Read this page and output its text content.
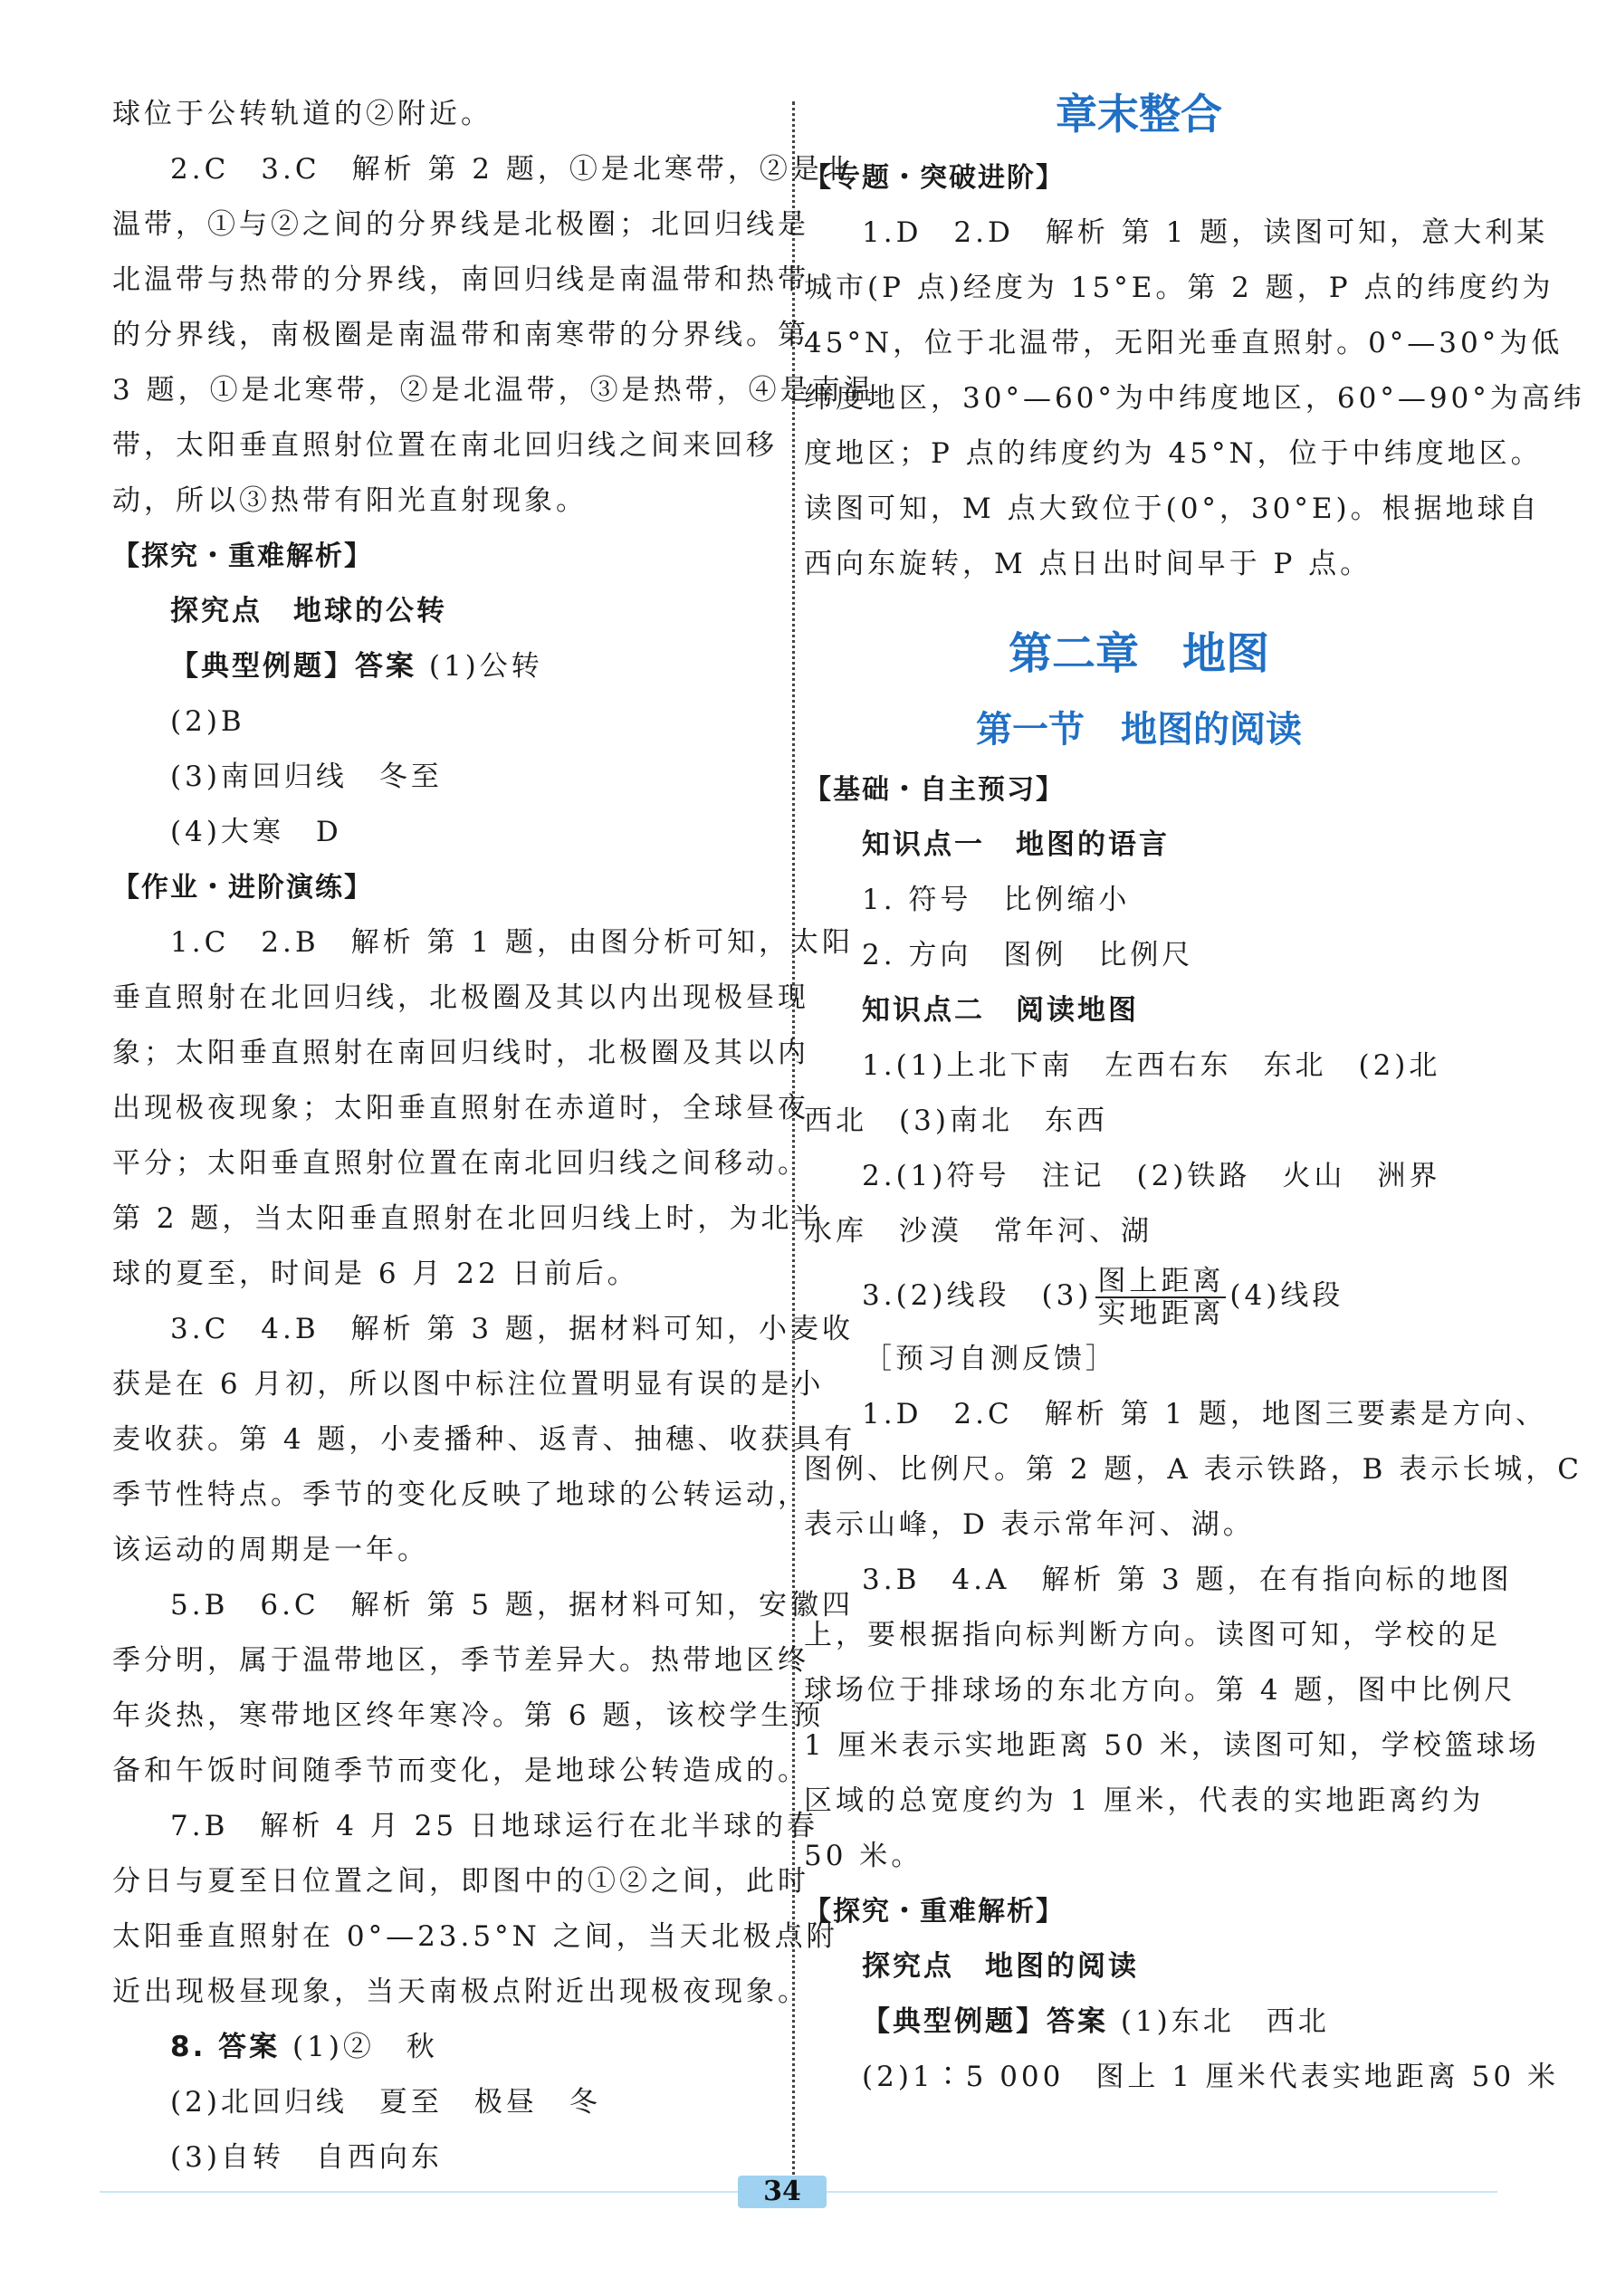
球位于公转轨道的②附近。
2.C　3.C　解析 第 2 题，①是北寒带，②是北
温带，①与②之间的分界线是北极圈；北回归线是
北温带与热带的分界线，南回归线是南温带和热带
的分界线，南极圈是南温带和南寒带的分界线。第
3 题，①是北寒带，②是北温带，③是热带，④是南温
带，太阳垂直照射位置在南北回归线之间来回移
动，所以③热带有阳光直射现象。
【探究・重难解析】
探究点　地球的公转
【典型例题】答案 (1)公转
(2)B
(3)南回归线　冬至
(4)大寒　D
【作业・进阶演练】
1.C　2.B　解析 第 1 题，由图分析可知，太阳
垂直照射在北回归线，北极圈及其以内出现极昼现
象；太阳垂直照射在南回归线时，北极圈及其以内
出现极夜现象；太阳垂直照射在赤道时，全球昼夜
平分；太阳垂直照射位置在南北回归线之间移动。
第 2 题，当太阳垂直照射在北回归线上时，为北半
球的夏至，时间是 6 月 22 日前后。
3.C　4.B　解析 第 3 题，据材料可知，小麦收
获是在 6 月初，所以图中标注位置明显有误的是小
麦收获。第 4 题，小麦播种、返青、抽穗、收获具有
季节性特点。季节的变化反映了地球的公转运动，
该运动的周期是一年。
5.B　6.C　解析 第 5 题，据材料可知，安徽四
季分明，属于温带地区，季节差异大。热带地区终
年炎热，寒带地区终年寒冷。第 6 题，该校学生预
备和午饭时间随季节而变化，是地球公转造成的。
7.B　解析 4 月 25 日地球运行在北半球的春
分日与夏至日位置之间，即图中的①②之间，此时
太阳垂直照射在 0°—23.5°N 之间，当天北极点附
近出现极昼现象，当天南极点附近出现极夜现象。
8. 答案 (1)②　秋
(2)北回归线　夏至　极昼　冬
(3)自转　自西向东
章末整合
【专题・突破进阶】
1.D　2.D　解析 第 1 题，读图可知，意大利某
城市(P 点)经度为 15°E。第 2 题，P 点的纬度约为
45°N，位于北温带，无阳光垂直照射。0°—30°为低
纬度地区，30°—60°为中纬度地区，60°—90°为高纬
度地区；P 点的纬度约为 45°N，位于中纬度地区。
读图可知，M 点大致位于(0°，30°E)。根据地球自
西向东旋转，M 点日出时间早于 P 点。
第二章　地图
第一节　地图的阅读
【基础・自主预习】
知识点一　地图的语言
1. 符号　比例缩小
2. 方向　图例　比例尺
知识点二　阅读地图
1.(1)上北下南　左西右东　东北　(2)北
西北　(3)南北　东西
2.(1)符号　注记　(2)铁路　火山　洲界
水库　沙漠　常年河、湖
3.(2)线段　$(3) \frac{\text{图上距离}}{\text{实地距离}} (4)$线段
［预习自测反馈］
1.D　2.C　解析 第 1 题，地图三要素是方向、
图例、比例尺。第 2 题，A 表示铁路，B 表示长城，C
表示山峰，D 表示常年河、湖。
3.B　4.A　解析 第 3 题，在有指向标的地图
上，要根据指向标判断方向。读图可知，学校的足
球场位于排球场的东北方向。第 4 题，图中比例尺
1 厘米表示实地距离 50 米，读图可知，学校篮球场
区域的总宽度约为 1 厘米，代表的实地距离约为
50 米。
【探究・重难解析】
探究点　地图的阅读
【典型例题】答案 (1)东北　西北
(2)1∶5 000　图上 1 厘米代表实地距离 50 米
34
